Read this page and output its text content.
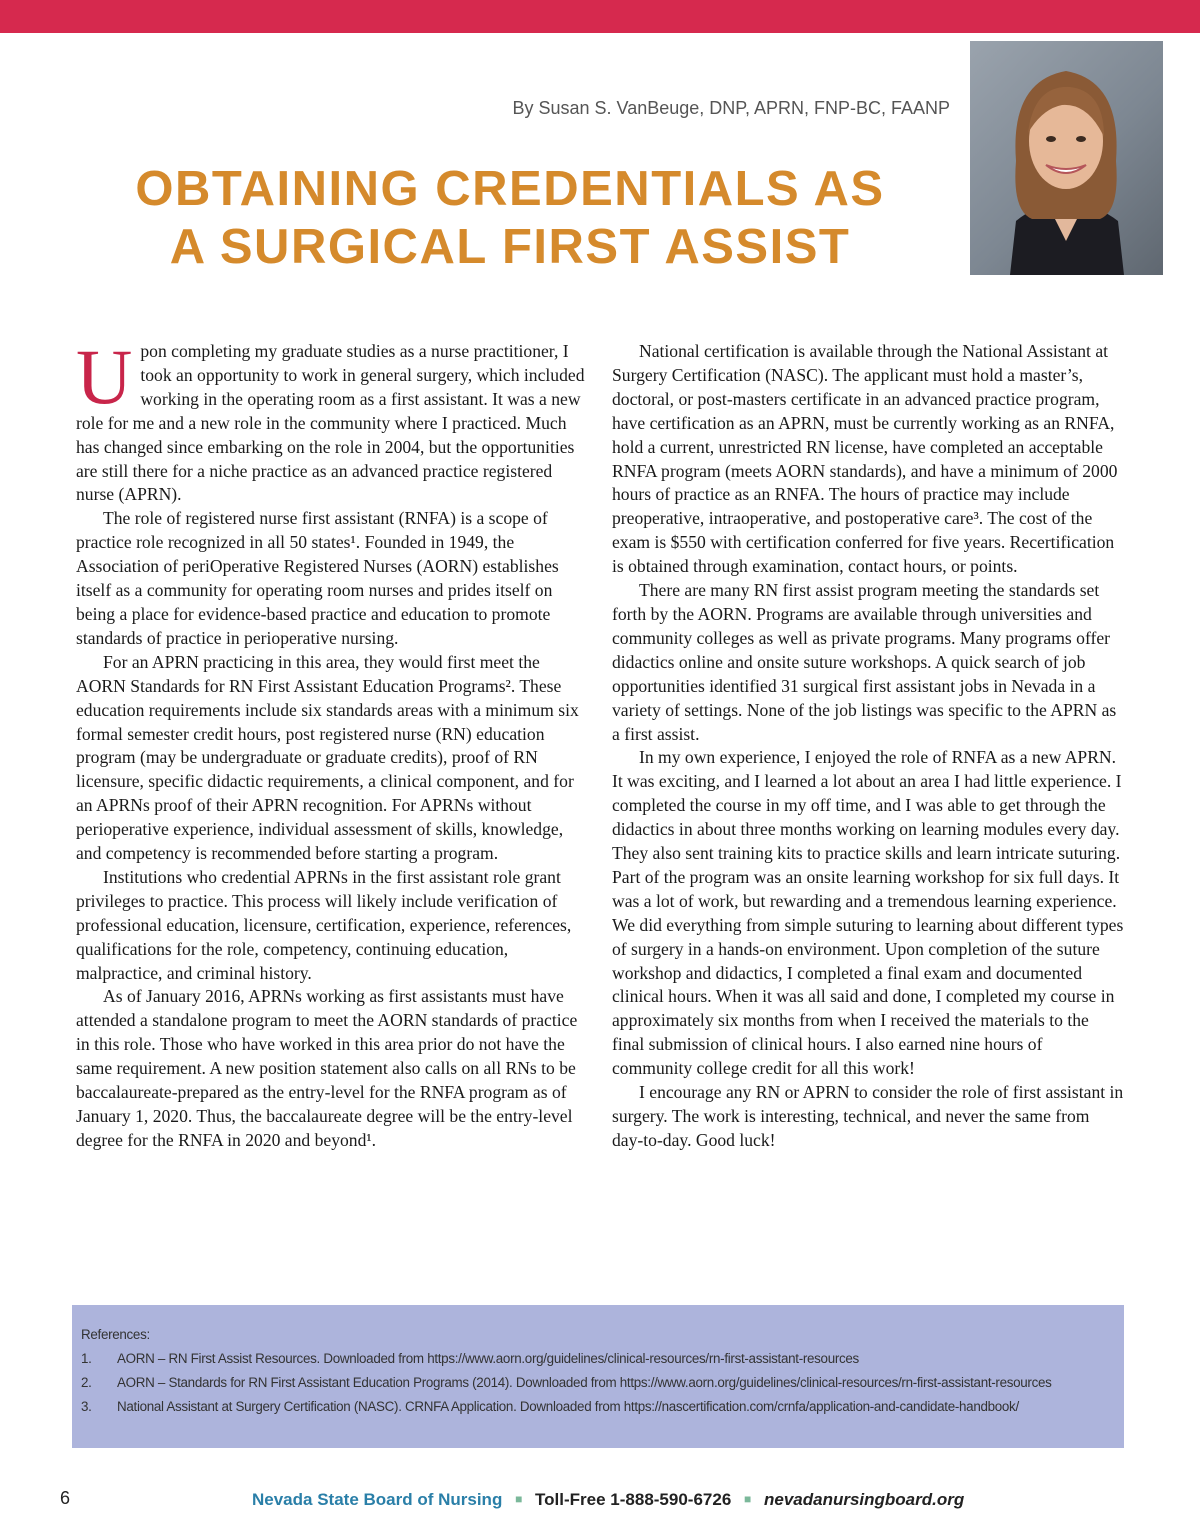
By Susan S. VanBeuge, DNP, APRN, FNP-BC, FAANP
OBTAINING CREDENTIALS AS
A SURGICAL FIRST ASSIST

Upon completing my graduate studies as a nurse practitioner, I took an opportunity to work in general surgery, which included working in the operating room as a first assistant. It was a new role for me and a new role in the community where I practiced. Much has changed since embarking on the role in 2004, but the opportunities are still there for a niche practice as an advanced practice registered nurse (APRN).

The role of registered nurse first assistant (RNFA) is a scope of practice role recognized in all 50 states¹. Founded in 1949, the Association of periOperative Registered Nurses (AORN) establishes itself as a community for operating room nurses and prides itself on being a place for evidence-based practice and education to promote standards of practice in perioperative nursing.

For an APRN practicing in this area, they would first meet the AORN Standards for RN First Assistant Education Programs². These education requirements include six standards areas with a minimum six formal semester credit hours, post registered nurse (RN) education program (may be undergraduate or graduate credits), proof of RN licensure, specific didactic requirements, a clinical component, and for an APRNs proof of their APRN recognition. For APRNs without perioperative experience, individual assessment of skills, knowledge, and competency is recommended before starting a program.

Institutions who credential APRNs in the first assistant role grant privileges to practice. This process will likely include verification of professional education, licensure, certification, experience, references, qualifications for the role, competency, continuing education, malpractice, and criminal history.

As of January 2016, APRNs working as first assistants must have attended a standalone program to meet the AORN standards of practice in this role. Those who have worked in this area prior do not have the same requirement. A new position statement also calls on all RNs to be baccalaureate-prepared as the entry-level for the RNFA program as of January 1, 2020. Thus, the baccalaureate degree will be the entry-level degree for the RNFA in 2020 and beyond¹.

National certification is available through the National Assistant at Surgery Certification (NASC). The applicant must hold a master’s, doctoral, or post-masters certificate in an advanced practice program, have certification as an APRN, must be currently working as an RNFA, hold a current, unrestricted RN license, have completed an acceptable RNFA program (meets AORN standards), and have a minimum of 2000 hours of practice as an RNFA. The hours of practice may include preoperative, intraoperative, and postoperative care³. The cost of the exam is $550 with certification conferred for five years. Recertification is obtained through examination, contact hours, or points.

There are many RN first assist program meeting the standards set forth by the AORN. Programs are available through universities and community colleges as well as private programs. Many programs offer didactics online and onsite suture workshops. A quick search of job opportunities identified 31 surgical first assistant jobs in Nevada in a variety of settings. None of the job listings was specific to the APRN as a first assist.

In my own experience, I enjoyed the role of RNFA as a new APRN. It was exciting, and I learned a lot about an area I had little experience. I completed the course in my off time, and I was able to get through the didactics in about three months working on learning modules every day. They also sent training kits to practice skills and learn intricate suturing. Part of the program was an onsite learning workshop for six full days. It was a lot of work, but rewarding and a tremendous learning experience. We did everything from simple suturing to learning about different types of surgery in a hands-on environment. Upon completion of the suture workshop and didactics, I completed a final exam and documented clinical hours. When it was all said and done, I completed my course in approximately six months from when I received the materials to the final submission of clinical hours. I also earned nine hours of community college credit for all this work!

I encourage any RN or APRN to consider the role of first assistant in surgery. The work is interesting, technical, and never the same from day-to-day. Good luck!

References:
1.	AORN – RN First Assist Resources. Downloaded from https://www.aorn.org/guidelines/clinical-resources/rn-first-assistant-resources
2.	AORN – Standards for RN First Assistant Education Programs (2014). Downloaded from https://www.aorn.org/guidelines/clinical-resources/rn-first-assistant-resources
3.	National Assistant at Surgery Certification (NASC). CRNFA Application. Downloaded from https://nascertification.com/crnfa/application-and-candidate-handbook/
6	Nevada State Board of Nursing ■ Toll-Free 1-888-590-6726 ■ nevadanursingboard.org
